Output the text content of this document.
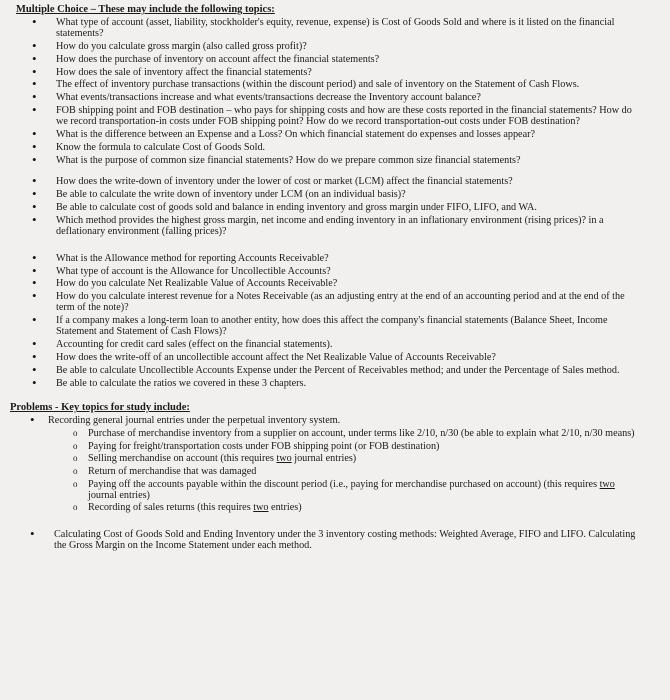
Multiple Choice – These may include the following topics:
• What type of account (asset, liability, stockholder's equity, revenue, expense) is Cost of Goods Sold and where is it listed on the financial statements?
• How do you calculate gross margin (also called gross profit)?
• How does the purchase of inventory on account affect the financial statements?
• How does the sale of inventory affect the financial statements?
• The effect of inventory purchase transactions (within the discount period) and sale of inventory on the Statement of Cash Flows.
• What events/transactions increase and what events/transactions decrease the Inventory account balance?
• FOB shipping point and FOB destination – who pays for shipping costs and how are these costs reported in the financial statements? How do we record transportation-in costs under FOB shipping point? How do we record transportation-out costs under FOB destination?
• What is the difference between an Expense and a Loss? On which financial statement do expenses and losses appear?
• Know the formula to calculate Cost of Goods Sold.
• What is the purpose of common size financial statements? How do we prepare common size financial statements?
• How does the write-down of inventory under the lower of cost or market (LCM) affect the financial statements?
• Be able to calculate the write down of inventory under LCM (on an individual basis)?
• Be able to calculate cost of goods sold and balance in ending inventory and gross margin under FIFO, LIFO, and WA.
• Which method provides the highest gross margin, net income and ending inventory in an inflationary environment (rising prices)? in a deflationary environment (falling prices)?
• What is the Allowance method for reporting Accounts Receivable?
• What type of account is the Allowance for Uncollectible Accounts?
• How do you calculate Net Realizable Value of Accounts Receivable?
• How do you calculate interest revenue for a Notes Receivable (as an adjusting entry at the end of an accounting period and at the end of the term of the note)?
• If a company makes a long-term loan to another entity, how does this affect the company's financial statements (Balance Sheet, Income Statement and Statement of Cash Flows)?
• Accounting for credit card sales (effect on the financial statements).
• How does the write-off of an uncollectible account affect the Net Realizable Value of Accounts Receivable?
• Be able to calculate Uncollectible Accounts Expense under the Percent of Receivables method; and under the Percentage of Sales method.
• Be able to calculate the ratios we covered in these 3 chapters.
Problems - Key topics for study include:
• Recording general journal entries under the perpetual inventory system.
o Purchase of merchandise inventory from a supplier on account, under terms like 2/10, n/30 (be able to explain what 2/10, n/30 means)
o Paying for freight/transportation costs under FOB shipping point (or FOB destination)
o Selling merchandise on account (this requires two journal entries)
o Return of merchandise that was damaged
o Paying off the accounts payable within the discount period (i.e., paying for merchandise purchased on account) (this requires two journal entries)
o Recording of sales returns (this requires two entries)
• Calculating Cost of Goods Sold and Ending Inventory under the 3 inventory costing methods: Weighted Average, FIFO and LIFO. Calculating the Gross Margin on the Income Statement under each method.
